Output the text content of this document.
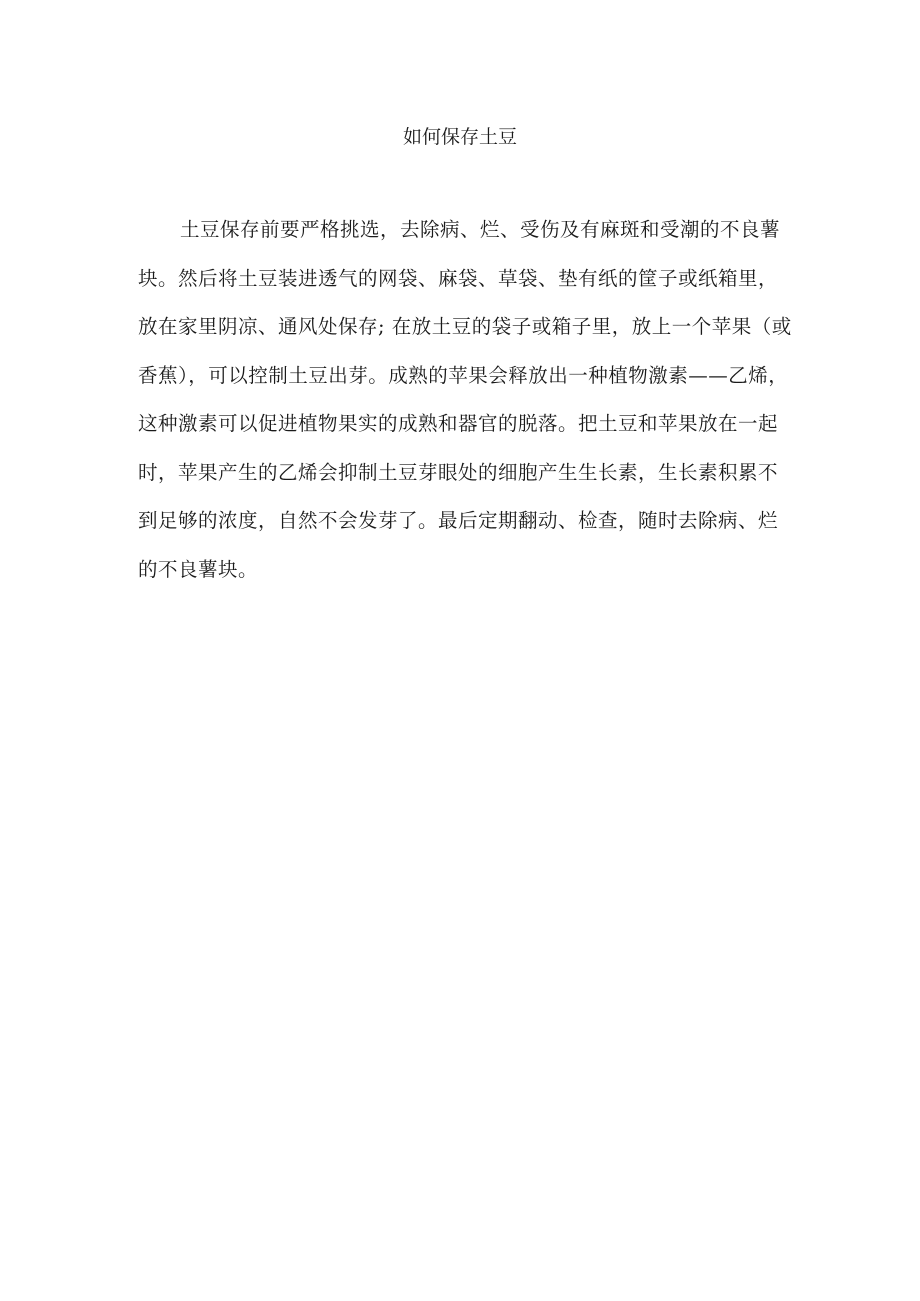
如何保存土豆
土豆保存前要严格挑选，去除病、烂、受伤及有麻斑和受潮的不良薯
块。然后将土豆装进透气的网袋、麻袋、草袋、垫有纸的筐子或纸箱里，
放在家里阴凉、通风处保存; 在放土豆的袋子或箱子里，放上一个苹果（或
香蕉），可以控制土豆出芽。成熟的苹果会释放出一种植物激素——乙烯，
这种激素可以促进植物果实的成熟和器官的脱落。把土豆和苹果放在一起
时，苹果产生的乙烯会抑制土豆芽眼处的细胞产生生长素，生长素积累不
到足够的浓度，自然不会发芽了。最后定期翻动、检查，随时去除病、烂
的不良薯块。
